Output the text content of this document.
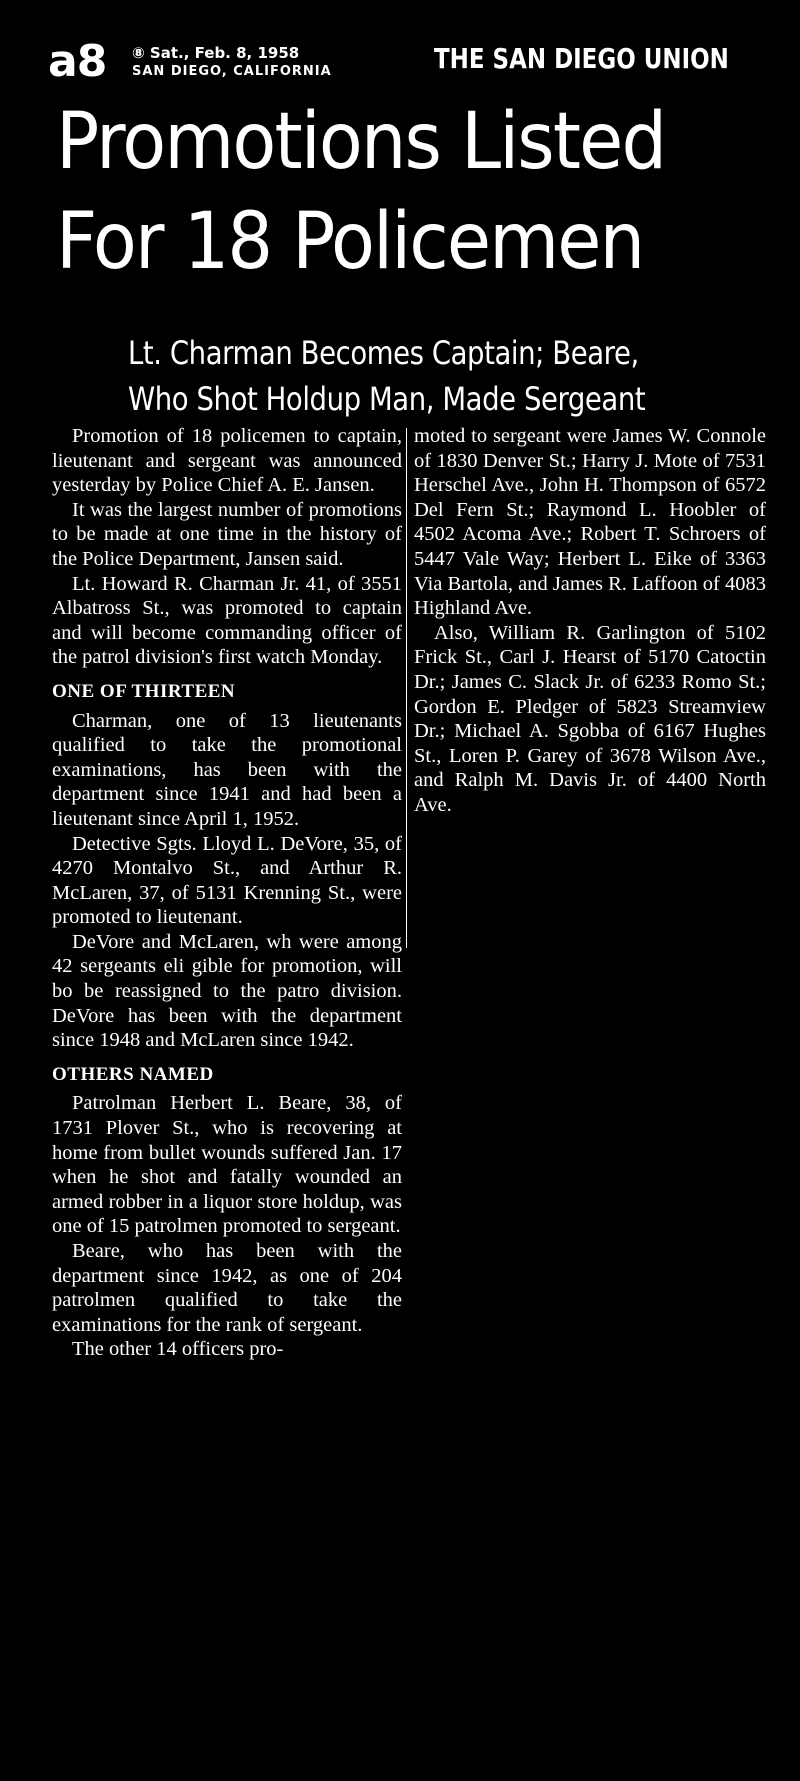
a8 ⑧ Sat., Feb. 8, 1958
SAN DIEGO, CALIFORNIA	THE SAN DIEGO UNION
Promotions Listed
For 18 Policemen
Lt. Charman Becomes Captain; Beare,
Who Shot Holdup Man, Made Sergeant

Promotion of 18 policemen to captain, lieutenant and sergeant was announced yesterday by Police Chief A. E. Jansen.

It was the largest number of promotions to be made at one time in the history of the Police Department, Jansen said.

Lt. Howard R. Charman Jr. 41, of 3551 Albatross St., was promoted to captain and will become commanding officer of the patrol division's first watch Monday.

ONE OF THIRTEEN

Charman, one of 13 lieutenants qualified to take the promotional examinations, has been with the department since 1941 and had been a lieutenant since April 1, 1952.

Detective Sgts. Lloyd L. DeVore, 35, of 4270 Montalvo St., and Arthur R. McLaren, 37, of 5131 Krenning St., were promoted to lieutenant.

DeVore and McLaren, wh were among 42 sergeants eli gible for promotion, will bo be reassigned to the patro division. DeVore has been with the department since 1948 and McLaren since 1942.

OTHERS NAMED

Patrolman Herbert L. Beare, 38, of 1731 Plover St., who is recovering at home from bullet wounds suffered Jan. 17 when he shot and fatally wounded an armed robber in a liquor store holdup, was one of 15 patrolmen promoted to sergeant.

Beare, who has been with the department since 1942, as one of 204 patrolmen qualified to take the examinations for the rank of sergeant.

The other 14 officers pro-

moted to sergeant were James W. Connole of 1830 Denver St.; Harry J. Mote of 7531 Herschel Ave., John H. Thompson of 6572 Del Fern St.; Raymond L. Hoobler of 4502 Acoma Ave.; Robert T. Schroers of 5447 Vale Way; Herbert L. Eike of 3363 Via Bartola, and James R. Laffoon of 4083 Highland Ave.

Also, William R. Garlington of 5102 Frick St., Carl J. Hearst of 5170 Catoctin Dr.; James C. Slack Jr. of 6233 Romo St.; Gordon E. Pledger of 5823 Streamview Dr.; Michael A. Sgobba of 6167 Hughes St., Loren P. Garey of 3678 Wilson Ave., and Ralph M. Davis Jr. of 4400 North Ave.
